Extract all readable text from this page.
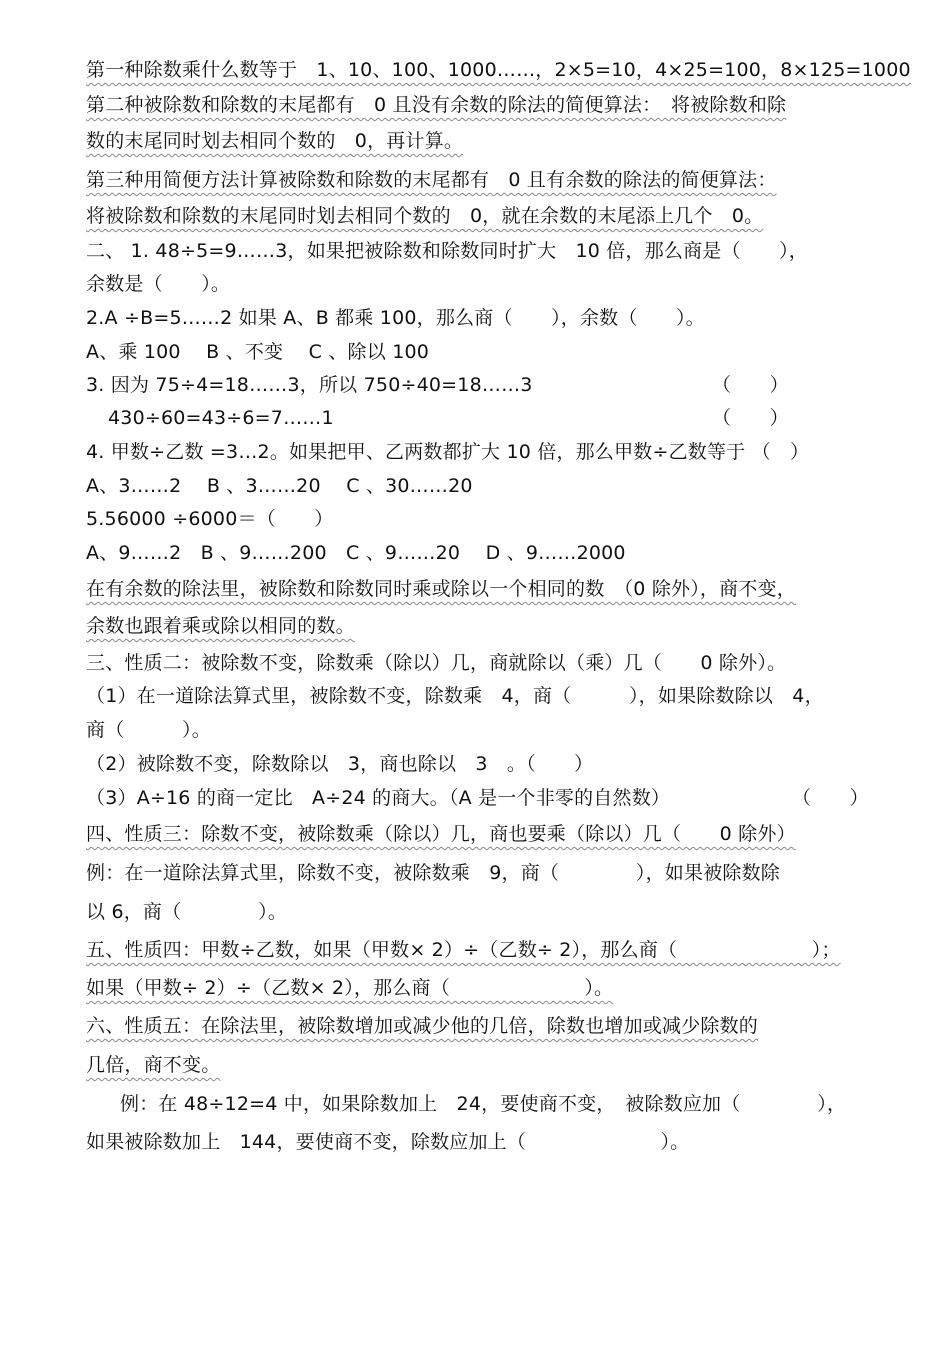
第一种除数乘什么数等于　1、10、100、1000……，2×5=10，4×25=100，8×125=1000
第二种被除数和除数的末尾都有　0 且没有余数的除法的简便算法：　将被除数和除
数的末尾同时划去相同个数的　0，再计算。
第三种用简便方法计算被除数和除数的末尾都有　0 且有余数的除法的简便算法：
将被除数和除数的末尾同时划去相同个数的　0，就在余数的末尾添上几个　0。
二、 1. 48÷5=9……3，如果把被除数和除数同时扩大　10 倍，那么商是（　　），
余数是（　　）。
2.A ÷B=5……2 如果 A、B 都乘 100，那么商（　　），余数（　　）。
A、乘 100　 B 、不变　 C 、除以 100
3. 因为 75÷4=18……3，所以 750÷40=18……3	（　　）
430÷60=43÷6=7……1	（　　）
4. 甲数÷乙数 =3…2。如果把甲、乙两数都扩大 10 倍，那么甲数÷乙数等于 （　）
A、3……2　 B 、3……20　 C 、30……20
5.56000 ÷6000＝（　　）
A、9……2　B 、9……200　C 、9……20　 D 、9……2000
在有余数的除法里，被除数和除数同时乘或除以一个相同的数　（0 除外），商不变，
余数也跟着乘或除以相同的数。
三、性质二：被除数不变，除数乘（除以）几，商就除以（乘）几（　　0 除外）。
（1）在一道除法算式里，被除数不变，除数乘　4，商（　　　），如果除数除以　4，
商（　　　）。
（2）被除数不变，除数除以　3，商也除以　3　。（　　）
（3）A÷16 的商一定比　A÷24 的商大。（A 是一个非零的自然数）	（　　）
四、性质三：除数不变，被除数乘（除以）几，商也要乘（除以）几（　　0 除外）
例：在一道除法算式里，除数不变，被除数乘　9，商（　　　　），如果被除数除
以 6，商（　　　　）。
五、性质四：甲数÷乙数，如果（甲数× 2）÷（乙数÷ 2），那么商（　　　　　　　）；
如果（甲数÷ 2）÷（乙数× 2），那么商（　　　　　　　）。
六、性质五：在除法里，被除数增加或减少他的几倍，除数也增加或减少除数的
几倍，商不变。
例：在 48÷12=4 中，如果除数加上　24，要使商不变，　被除数应加（　　　　），
如果被除数加上　144，要使商不变，除数应加上（　　　　　　　）。
